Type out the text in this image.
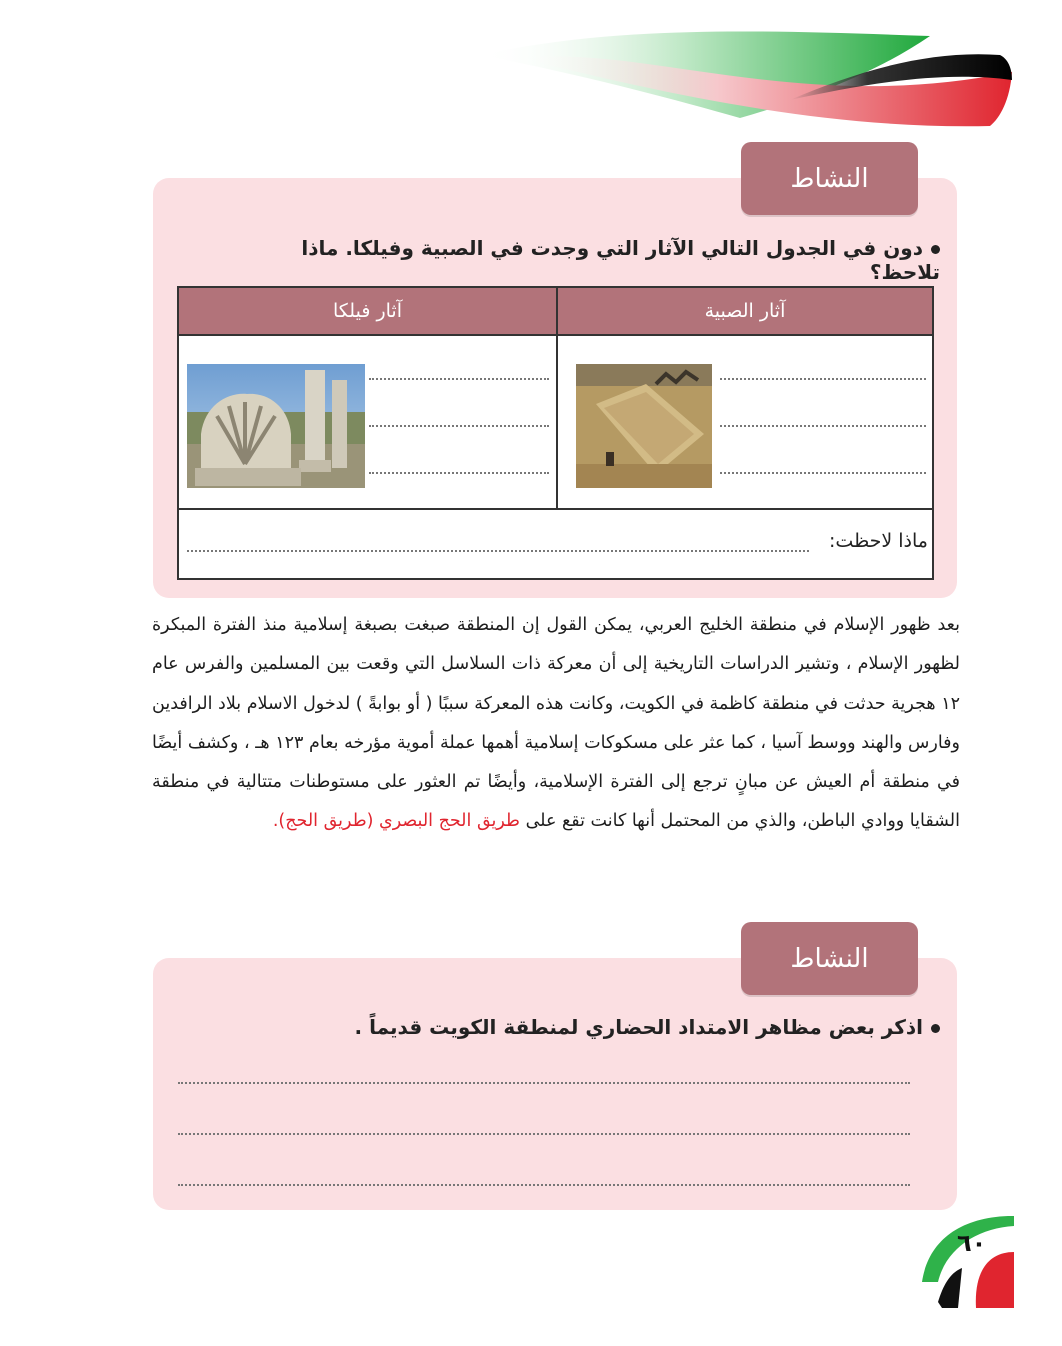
النشاط
دون في الجدول التالي الآثار التي وجدت في الصبية وفيلكا. ماذا تلاحظ؟
آثار فيلكا	آثار الصبية
ماذا لاحظت:
بعد ظهور الإسلام في منطقة الخليج العربي، يمكن القول إن المنطقة صبغت بصبغة إسلامية منذ الفترة المبكرة لظهور الإسلام ، وتشير الدراسات التاريخية إلى أن معركة ذات السلاسل التي وقعت بين المسلمين والفرس عام ١٢ هجرية حدثت في منطقة كاظمة في الكويت، وكانت هذه المعركة سببًا ( أو بوابةً ) لدخول الاسلام بلاد الرافدين وفارس والهند ووسط آسيا ، كما عثر على مسكوكات إسلامية أهمها عملة أموية مؤرخه بعام ١٢٣ هـ ، وكشف أيضًا في منطقة أم العيش عن مبانٍ ترجع إلى الفترة الإسلامية، وأيضًا تم العثور على مستوطنات متتالية في منطقة الشقايا ووادي الباطن، والذي من المحتمل أنها كانت تقع على طريق الحج البصري (طريق الحج).
النشاط
اذكر بعض مظاهر الامتداد الحضاري لمنطقة الكويت قديماً .
٦٠
